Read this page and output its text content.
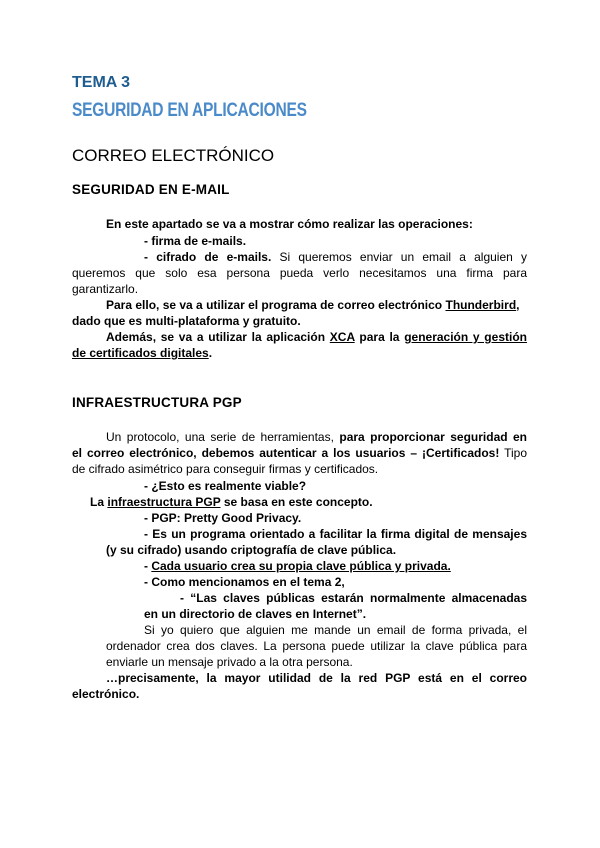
TEMA 3
SEGURIDAD EN APLICACIONES
CORREO ELECTRÓNICO
SEGURIDAD EN E-MAIL
En este apartado se va a mostrar cómo realizar las operaciones:
- firma de e-mails.
- cifrado de e-mails. Si queremos enviar un email a alguien y
queremos que solo esa persona pueda verlo necesitamos una firma para
garantizarlo.
Para ello, se va a utilizar el programa de correo electrónico Thunderbird,
dado que es multi-plataforma y gratuito.
Además, se va a utilizar la aplicación XCA para la generación y gestión
de certificados digitales.
INFRAESTRUCTURA PGP
Un protocolo, una serie de herramientas, para proporcionar seguridad en
el correo electrónico, debemos autenticar a los usuarios – ¡Certificados! Tipo
de cifrado asimétrico para conseguir firmas y certificados.
- ¿Esto es realmente viable?
La infraestructura PGP se basa en este concepto.
- PGP: Pretty Good Privacy.
- Es un programa orientado a facilitar la firma digital de mensajes
(y su cifrado) usando criptografía de clave pública.
- Cada usuario crea su propia clave pública y privada.
- Como mencionamos en el tema 2,
- “Las claves públicas estarán normalmente almacenadas
en un directorio de claves en Internet”.
Si yo quiero que alguien me mande un email de forma privada, el
ordenador crea dos claves. La persona puede utilizar la clave pública para
enviarle un mensaje privado a la otra persona.
…precisamente, la mayor utilidad de la red PGP está en el correo
electrónico.
